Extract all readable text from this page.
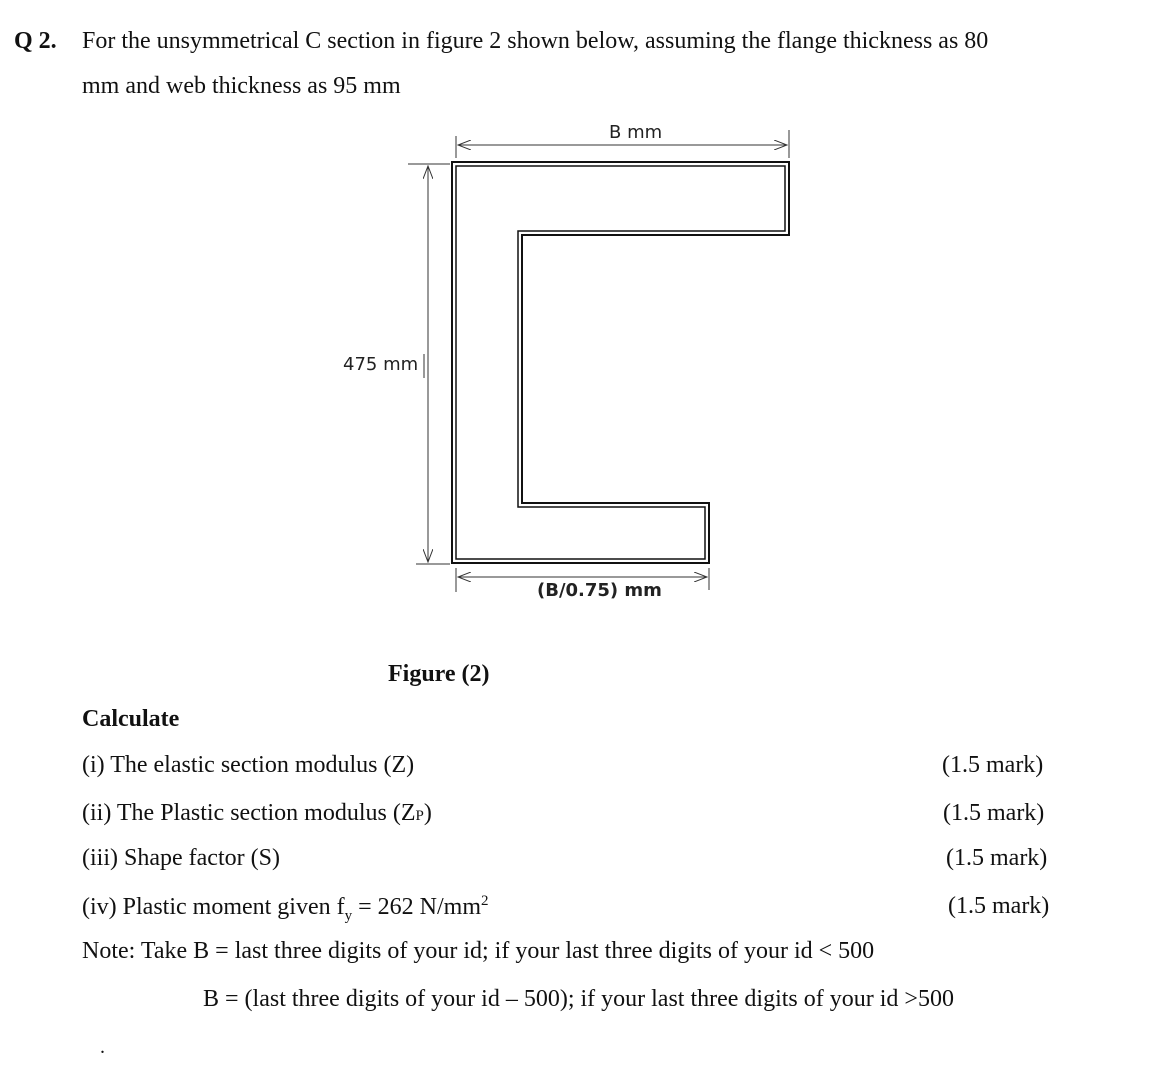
Q 2. For the unsymmetrical C section in figure 2 shown below, assuming the flange thickness as 80
mm and web thickness as 95 mm
B mm
475 mm
(B/0.75) mm
Figure (2)
Calculate
(i) The elastic section modulus (Z)	(1.5 mark)
(ii) The Plastic section modulus (ZP)	(1.5 mark)
(iii) Shape factor (S)	(1.5 mark)
(iv) Plastic moment given $f_y = 262$ $N/mm^2$	(1.5 mark)
Note: Take B = last three digits of your id; if your last three digits of your id < 500
B = (last three digits of your id – 500); if your last three digits of your id >500
.
